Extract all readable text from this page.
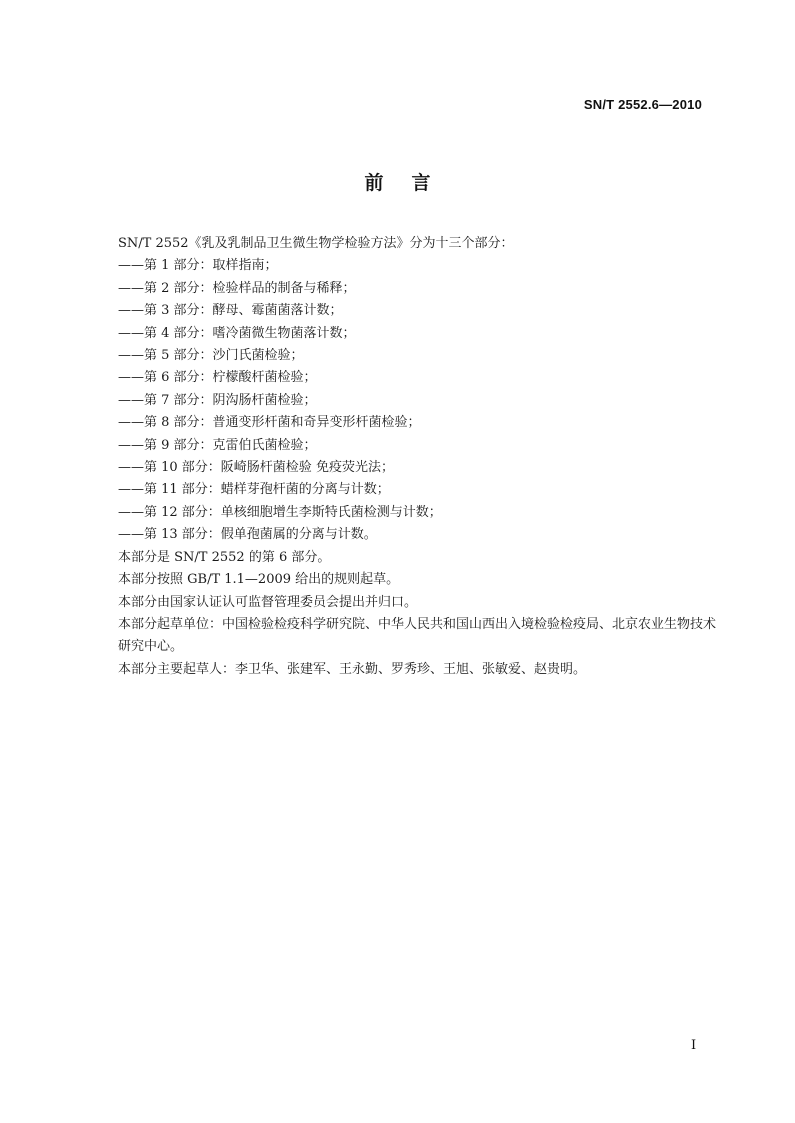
SN/T 2552.6—2010
前言
SN/T 2552《乳及乳制品卫生微生物学检验方法》分为十三个部分：
——第 1 部分：取样指南；
——第 2 部分：检验样品的制备与稀释；
——第 3 部分：酵母、霉菌菌落计数；
——第 4 部分：嗜冷菌微生物菌落计数；
——第 5 部分：沙门氏菌检验；
——第 6 部分：柠檬酸杆菌检验；
——第 7 部分：阴沟肠杆菌检验；
——第 8 部分：普通变形杆菌和奇异变形杆菌检验；
——第 9 部分：克雷伯氏菌检验；
——第 10 部分：阪崎肠杆菌检验 免疫荧光法；
——第 11 部分：蜡样芽孢杆菌的分离与计数；
——第 12 部分：单核细胞增生李斯特氏菌检测与计数；
——第 13 部分：假单孢菌属的分离与计数。
本部分是 SN/T 2552 的第 6 部分。
本部分按照 GB/T 1.1—2009 给出的规则起草。
本部分由国家认证认可监督管理委员会提出并归口。
本部分起草单位：中国检验检疫科学研究院、中华人民共和国山西出入境检验检疫局、北京农业生物技术研究中心。
本部分主要起草人：李卫华、张建军、王永勤、罗秀珍、王旭、张敏爱、赵贵明。
I
